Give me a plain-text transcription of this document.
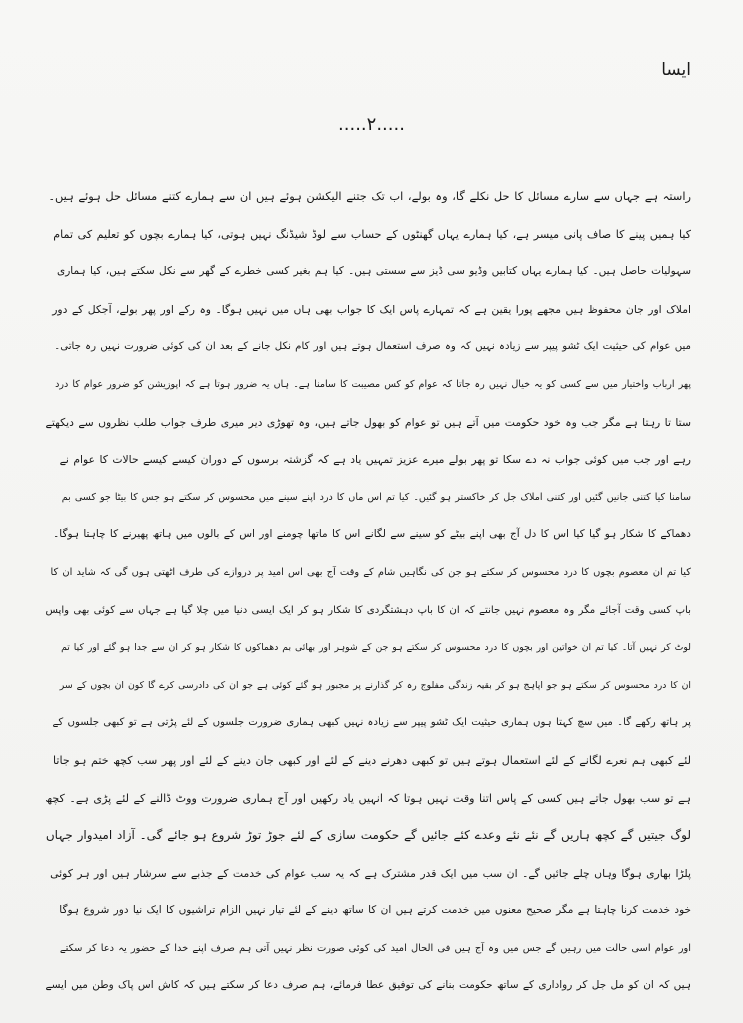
ایسا
.....۲.....
راستہ ہے جہاں سے سارے مسائل کا حل نکلے گا، وہ بولے، اب تک جتنے الیکشن ہوئے ہیں ان سے ہمارے کتنے مسائل حل ہوئے ہیں۔
کیا ہمیں پینے کا صاف پانی میسر ہے، کیا ہمارے یہاں گھنٹوں کے حساب سے لوڈ شیڈنگ نہیں ہوتی، کیا ہمارے بچوں کو تعلیم کی تمام
سہولیات حاصل ہیں۔ کیا ہمارے یہاں کتابیں وڈیو سی ڈیز سے سستی ہیں۔ کیا ہم بغیر کسی خطرے کے گھر سے نکل سکتے ہیں، کیا ہماری
املاک اور جان محفوظ ہیں مجھے پورا یقین ہے کہ تمہارے پاس ایک کا جواب بھی ہاں میں نہیں ہوگا۔ وہ رکے اور پھر بولے، آجکل کے دور
میں عوام کی حیثیت ایک ٹشو پیپر سے زیادہ نہیں کہ وہ صرف استعمال ہوتے ہیں اور کام نکل جانے کے بعد ان کی کوئی ضرورت نہیں رہ جاتی۔
پھر ارباب واختیار میں سے کسی کو یہ خیال نہیں رہ جاتا کہ عوام کو کس مصیبت کا سامنا ہے۔ ہاں یہ ضرور ہوتا ہے کہ اپوزیشن کو ضرور عوام کا درد
ستا تا رہتا ہے مگر جب وہ خود حکومت میں آتے ہیں تو عوام کو بھول جاتے ہیں، وہ تھوڑی دیر میری طرف جواب طلب نظروں سے دیکھتے
رہے اور جب میں کوئی جواب نہ دے سکا تو پھر بولے میرے عزیز تمہیں یاد ہے کہ گزشتہ برسوں کے دوران کیسے کیسے حالات کا عوام نے
سامنا کیا کتنی جانیں گئیں اور کتنی املاک جل کر خاکستر ہو گئیں۔ کیا تم اس ماں کا درد اپنے سینے میں محسوس کر سکتے ہو جس کا بیٹا جو کسی بم
دھماکے کا شکار ہو گیا کیا اس کا دل آج بھی اپنے بیٹے کو سینے سے لگانے اس کا ماتھا چومنے اور اس کے بالوں میں ہاتھ پھیرنے کا چاہتا ہوگا۔
کیا تم ان معصوم بچوں کا درد محسوس کر سکتے ہو جن کی نگاہیں شام کے وقت آج بھی اس امید پر دروازے کی طرف اٹھتی ہوں گی کہ شاید ان کا
باپ کسی وقت آجائے مگر وہ معصوم نہیں جانتے کہ ان کا باپ دہشتگردی کا شکار ہو کر ایک ایسی دنیا میں چلا گیا ہے جہاں سے کوئی بھی واپس
لوٹ کر نہیں آتا۔ کیا تم ان خواتین اور بچوں کا درد محسوس کر سکتے ہو جن کے شوہر اور بھائی بم دھماکوں کا شکار ہو کر ان سے جدا ہو گئے اور کیا تم
ان کا درد محسوس کر سکتے ہو جو اپاہج ہو کر بقیہ زندگی مفلوج رہ کر گذارنے پر مجبور ہو گئے کوئی ہے جو ان کی دادرسی کرے گا کون ان بچوں کے سر
پر ہاتھ رکھے گا۔ میں سچ کہتا ہوں ہماری حیثیت ایک ٹشو پیپر سے زیادہ نہیں کبھی ہماری ضرورت جلسوں کے لئے پڑتی ہے تو کبھی جلسوں کے
لئے کبھی ہم نعرے لگانے کے لئے استعمال ہوتے ہیں تو کبھی دھرنے دینے کے لئے اور کبھی جان دینے کے لئے اور پھر سب کچھ ختم ہو جاتا
ہے تو سب بھول جاتے ہیں کسی کے پاس اتنا وقت نہیں ہوتا کہ انہیں یاد رکھیں اور آج ہماری ضرورت ووٹ ڈالنے کے لئے پڑی ہے۔ کچھ
لوگ جیتیں گے کچھ ہاریں گے نئے نئے وعدے کئے جائیں گے حکومت سازی کے لئے جوڑ توڑ شروع ہو جائے گی۔ آزاد امیدوار جہاں
پلڑا بھاری ہوگا وہاں چلے جائیں گے۔ ان سب میں ایک قدر مشترک ہے کہ یہ سب عوام کی خدمت کے جذبے سے سرشار ہیں اور ہر کوئی
خود خدمت کرنا چاہتا ہے مگر صحیح معنوں میں خدمت کرتے ہیں ان کا ساتھ دینے کے لئے تیار نہیں الزام تراشیوں کا ایک نیا دور شروع ہوگا
اور عوام اسی حالت میں رہیں گے جس میں وہ آج ہیں فی الحال امید کی کوئی صورت نظر نہیں آتی ہم صرف اپنے خدا کے حضور یہ دعا کر سکتے
ہیں کہ ان کو مل جل کر رواداری کے ساتھ حکومت بنانے کی توفیق عطا فرمائے، ہم صرف دعا کر سکتے ہیں کہ کاش اس پاک وطن میں ایسے
